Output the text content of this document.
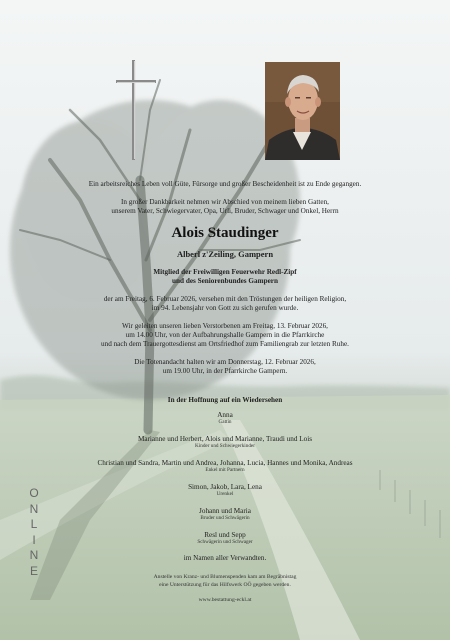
Ein arbeitsreiches Leben voll Güte, Fürsorge und großer Bescheidenheit ist zu Ende gegangen.
In großer Dankbarkeit nehmen wir Abschied von meinem lieben Gatten,
unserem Vater, Schwiegervater, Opa, Urli, Bruder, Schwager und Onkel, Herrn
Alois Staudinger
Alberl z'Zeiling, Gampern
Mitglied der Freiwilligen Feuerwehr Redl-Zipf
und des Seniorenbundes Gampern
der am Freitag, 6. Februar 2026, versehen mit den Tröstungen der heiligen Religion,
im 94. Lebensjahr von Gott zu sich gerufen wurde.
Wir geleiten unseren lieben Verstorbenen am Freitag, 13. Februar 2026,
um 14.00 Uhr, von der Aufbahrungshalle Gampern in die Pfarrkirche
und nach dem Trauergottesdienst am Ortsfriedhof zum Familiengrab zur letzten Ruhe.
Die Totenandacht halten wir am Donnerstag, 12. Februar 2026,
um 19.00 Uhr, in der Pfarrkirche Gampern.
In der Hoffnung auf ein Wiedersehen
Anna
Gattin
Marianne und Herbert, Alois und Marianne, Traudi und Lois
Kinder und Schwiegerkinder
Christian und Sandra, Martin und Andrea, Johanna, Lucia, Hannes und Monika, Andreas
Enkel mit Partnern
Simon, Jakob, Lara, Lena
Urenkel
Johann und Maria
Bruder und Schwägerin
Resl und Sepp
Schwägerin und Schwager
im Namen aller Verwandten.
Anstelle von Kranz- und Blumenspenden kam am Begräbnistag
eine Unterstützung für das Hilfswerk OÖ gegeben werden.
www.bestattung-eckl.at
O
N
L
I
N
E
